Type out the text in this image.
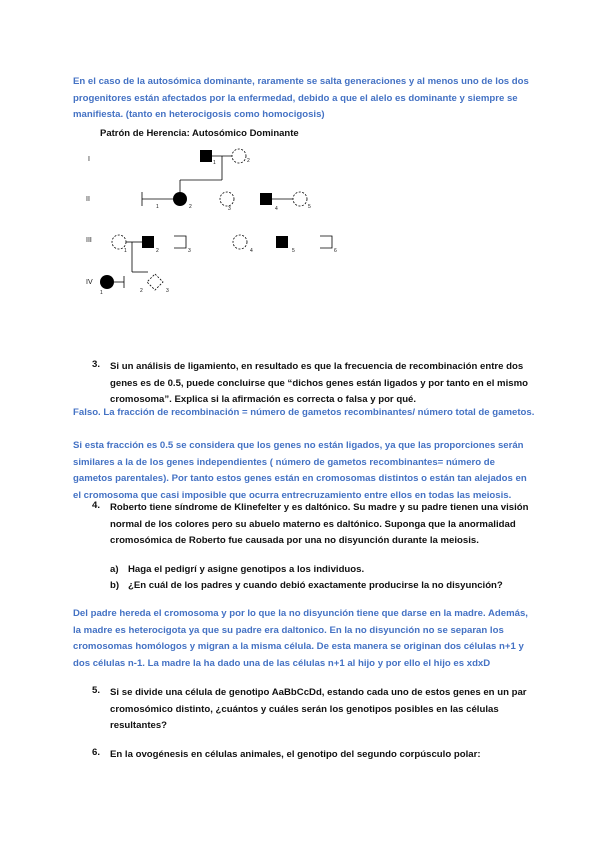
En el caso de la autosómica dominante, raramente se salta generaciones y al menos uno de los dos progenitores están afectados por la enfermedad, debido a que el alelo es dominante y siempre se manifiesta. (tanto en heterocigosis como homocigosis)
Patrón de Herencia: Autosómico Dominante
I
II
III
IV
1	2
1	2	3	4	5
1	2	3	4	5	6
1	2	3
3. Si un análisis de ligamiento, en resultado es que la frecuencia de recombinación entre dos genes es de 0.5, puede concluirse que “dichos genes están ligados y por tanto en el mismo cromosoma”. Explica si la afirmación es correcta o falsa y por qué.
Falso. La fracción de recombinación = número de gametos recombinantes/ número total de gametos.
Si esta fracción es 0.5 se considera que los genes no están ligados, ya que las proporciones serán similares a la de los genes independientes ( número de gametos recombinantes= número de gametos parentales). Por tanto estos genes están en cromosomas distintos o están tan alejados en el cromosoma que casi imposible que ocurra entrecruzamiento entre ellos en todas las meiosis.
4. Roberto tiene síndrome de Klinefelter y es daltónico. Su madre y su padre tienen una visión normal de los colores pero su abuelo materno es daltónico. Suponga que la anormalidad cromosómica de Roberto fue causada por una no disyunción durante la meiosis.
a) Haga el pedigrí y asigne genotipos a los individuos.
b) ¿En cuál de los padres y cuando debió exactamente producirse la no disyunción?
Del padre hereda el cromosoma y por lo que la no disyunción tiene que darse en la madre. Además, la madre es heterocigota ya que su padre era daltonico. En la no disyunción no se separan los cromosomas homólogos y migran a la misma célula. De esta manera se originan dos células n+1 y dos células n-1. La madre la ha dado una de las células n+1 al hijo y por ello el hijo es xdxD
5. Si se divide una célula de genotipo AaBbCcDd, estando cada uno de estos genes en un par cromosómico distinto, ¿cuántos y cuáles serán los genotipos posibles en las células resultantes?
6. En la ovogénesis en células animales, el genotipo del segundo corpúsculo polar:
